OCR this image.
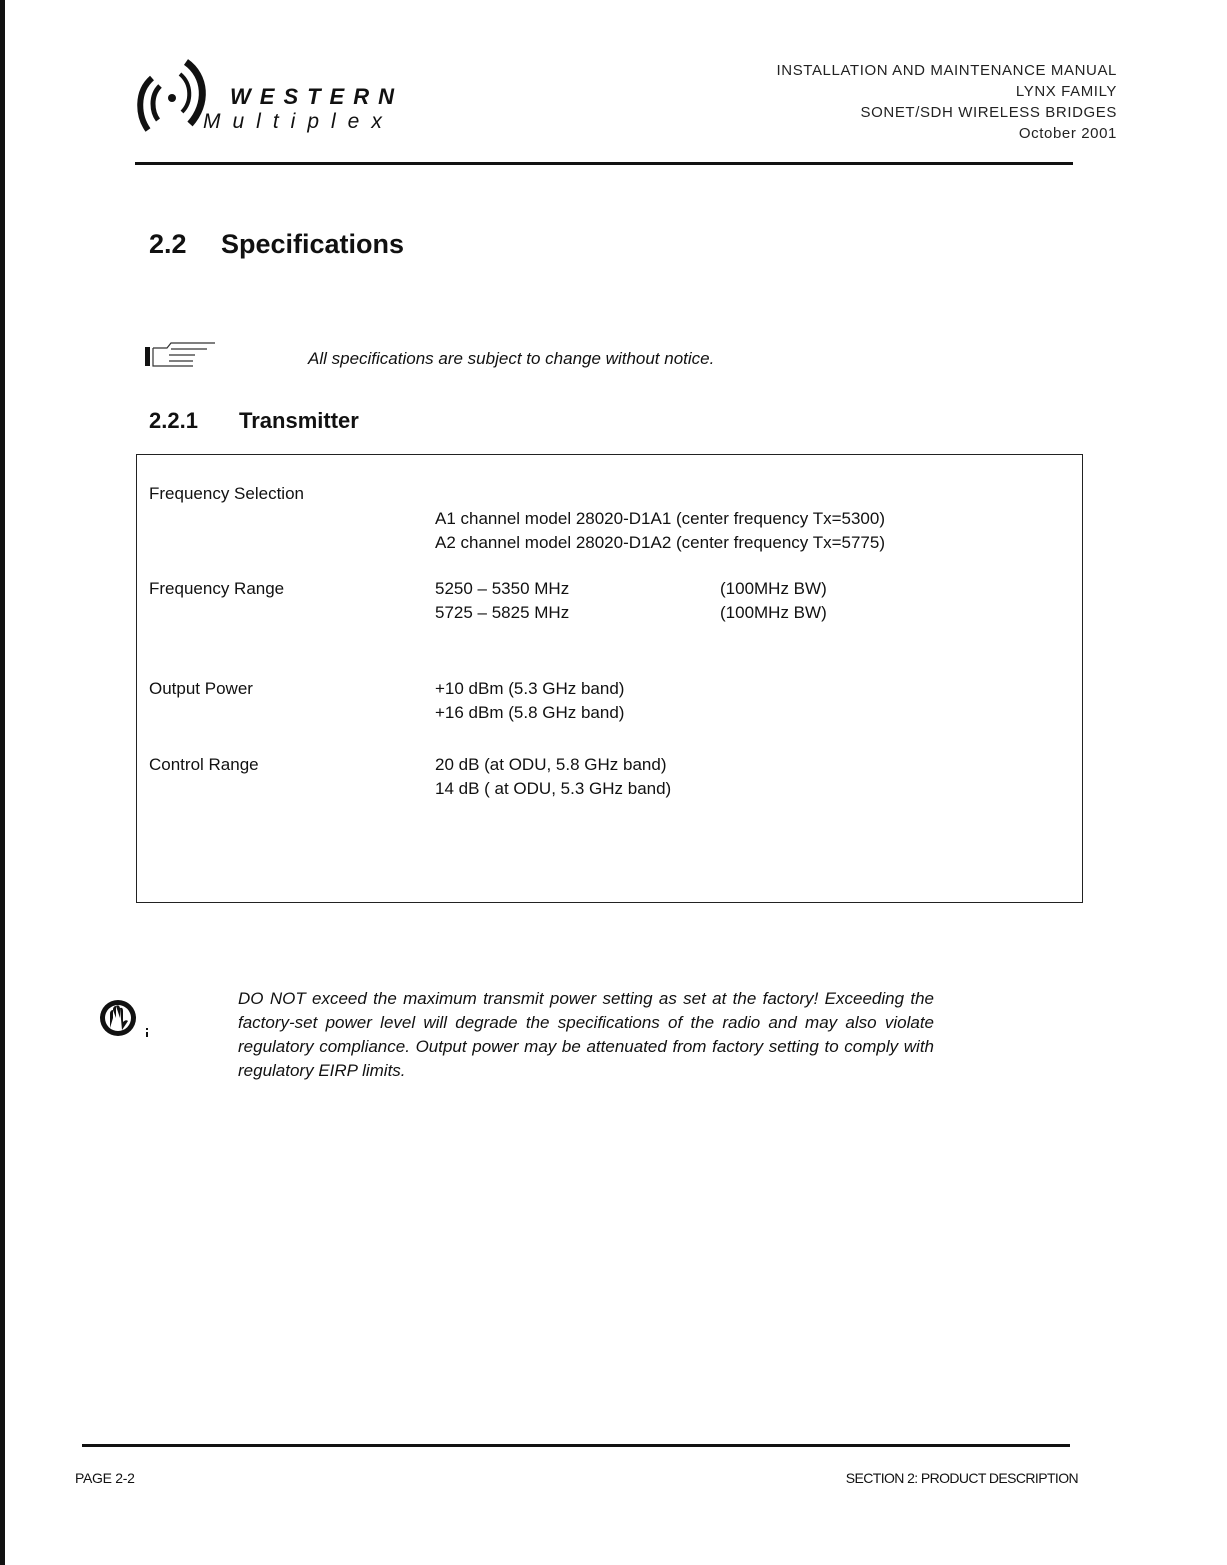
WESTERN
Multiplex
INSTALLATION AND MAINTENANCE MANUAL
LYNX FAMILY
SONET/SDH WIRELESS BRIDGES
October 2001
2.2 Specifications
All specifications are subject to change without notice.
2.2.1 Transmitter
Frequency Selection
A1 channel model 28020-D1A1 (center frequency Tx=5300)
A2 channel model 28020-D1A2 (center frequency Tx=5775)
Frequency Range	5250 – 5350 MHz	(100MHz BW)
5725 – 5825 MHz	(100MHz BW)
Output Power	+10 dBm (5.3 GHz band)
+16 dBm (5.8 GHz band)
Control Range	20 dB (at ODU, 5.8 GHz band)
14 dB ( at ODU, 5.3 GHz band)

DO NOT exceed the maximum transmit power setting as set at the factory! Exceeding the factory-set power level will degrade the specifications of the radio and may also violate regulatory compliance. Output power may be attenuated from factory setting to comply with regulatory EIRP limits.

PAGE 2-2	SECTION 2: PRODUCT DESCRIPTION
